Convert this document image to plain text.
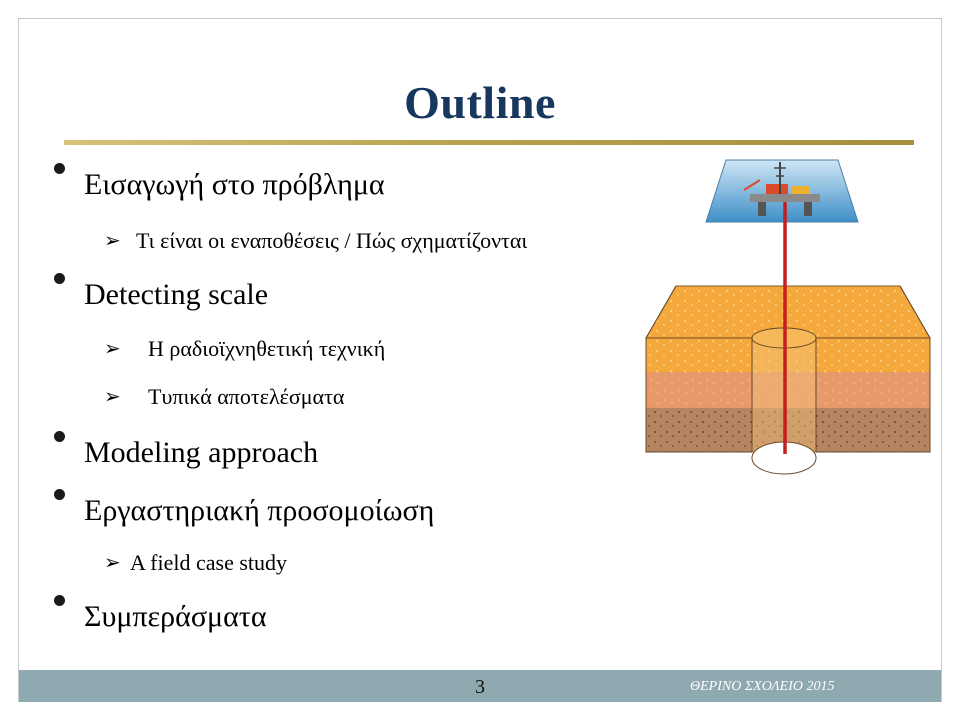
Outline
Εισαγωγή στο πρόβλημα
➢ Τι είναι οι εναποθέσεις / Πώς σχηματίζονται
Detecting scale
➢ Η ραδιοϊχνηθετική τεχνική
➢ Τυπικά αποτελέσματα
Modeling approach
Εργαστηριακή προσομοίωση
➢ A field case study
Συμπεράσματα
3	ΘΕΡΙΝΟ ΣΧΟΛΕΙΟ 2015
